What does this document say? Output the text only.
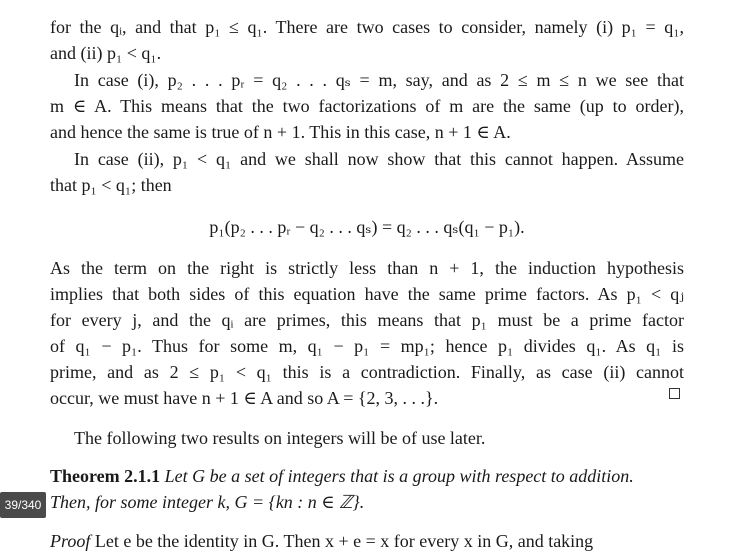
for the qᵢ, and that p₁ ≤ q₁. There are two cases to consider, namely (i) p₁ = q₁,
and (ii) p₁ < q₁.
In case (i), p₂ . . . pᵣ = q₂ . . . qₛ = m, say, and as 2 ≤ m ≤ n we see that
m ∈ A. This means that the two factorizations of m are the same (up to order),
and hence the same is true of n + 1. This in this case, n + 1 ∈ A.
In case (ii), p₁ < q₁ and we shall now show that this cannot happen. Assume
that p₁ < q₁; then
p₁(p₂ . . . pᵣ − q₂ . . . qₛ) = q₂ . . . qₛ(q₁ − p₁).
As the term on the right is strictly less than n + 1, the induction hypothesis
implies that both sides of this equation have the same prime factors. As p₁ < qⱼ
for every j, and the qᵢ are primes, this means that p₁ must be a prime factor
of q₁ − p₁. Thus for some m, q₁ − p₁ = mp₁; hence p₁ divides q₁. As q₁ is
prime, and as 2 ≤ p₁ < q₁ this is a contradiction. Finally, as case (ii) cannot
occur, we must have n + 1 ∈ A and so A = {2, 3, . . .}.
The following two results on integers will be of use later.
Theorem 2.1.1 Let G be a set of integers that is a group with respect to addition.
Then, for some integer k, G = {kn : n ∈ ℤ}.
Proof Let e be the identity in G. Then x + e = x for every x in G, and taking
39/340
